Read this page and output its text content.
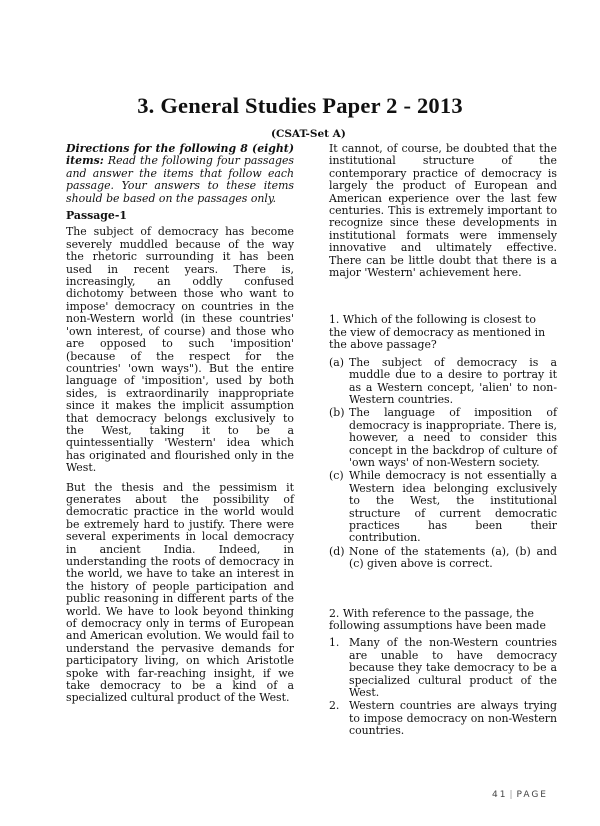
3. General Studies Paper 2 - 2013
(CSAT-Set A)

Directions for the following 8 (eight) items: Read the following four passages and answer the items that follow each passage. Your answers to these items should be based on the passages only.

Passage-1

The subject of democracy has become severely muddled because of the way the rhetoric surrounding it has been used in recent years. There is, increasingly, an oddly confused dichotomy between those who want to impose' democracy on countries in the non-Western world (in these countries' 'own interest, of course) and those who are opposed to such 'imposition' (because of the respect for the countries' 'own ways"). But the entire language of 'imposition', used by both sides, is extraordinarily inappropriate since it makes the implicit assumption that democracy belongs exclusively to the West, taking it to be a quintessentially 'Western' idea which has originated and flourished only in the West.

But the thesis and the pessimism it generates about the possibility of democratic practice in the world would be extremely hard to justify. There were several experiments in local democracy in ancient India. Indeed, in understanding the roots of democracy in the world, we have to take an interest in the history of people participation and public reasoning in different parts of the world. We have to look beyond thinking of democracy only in terms of European and American evolution. We would fail to understand the pervasive demands for participatory living, on which Aristotle spoke with far-reaching insight, if we take democracy to be a kind of a specialized cultural product of the West.

It cannot, of course, be doubted that the institutional structure of the contemporary practice of democracy is largely the product of European and American experience over the last few centuries. This is extremely important to recognize since these developments in institutional formats were immensely innovative and ultimately effective. There can be little doubt that there is a major 'Western' achievement here.

1. Which of the following is closest to the view of democracy as mentioned in the above passage?

(a) The subject of democracy is a muddle due to a desire to portray it as a Western concept, 'alien' to non-Western countries.
(b) The language of imposition of democracy is inappropriate. There is, however, a need to consider this concept in the backdrop of culture of 'own ways' of non-Western society.
(c) While democracy is not essentially a Western idea belonging exclusively to the West, the institutional structure of current democratic practices has been their contribution.
(d) None of the statements (a), (b) and (c) given above is correct.

2. With reference to the passage, the following assumptions have been made

1. Many of the non-Western countries are unable to have democracy because they take democracy to be a specialized cultural product of the West.
2. Western countries are always trying to impose democracy on non-Western countries.
41 | PAGE
